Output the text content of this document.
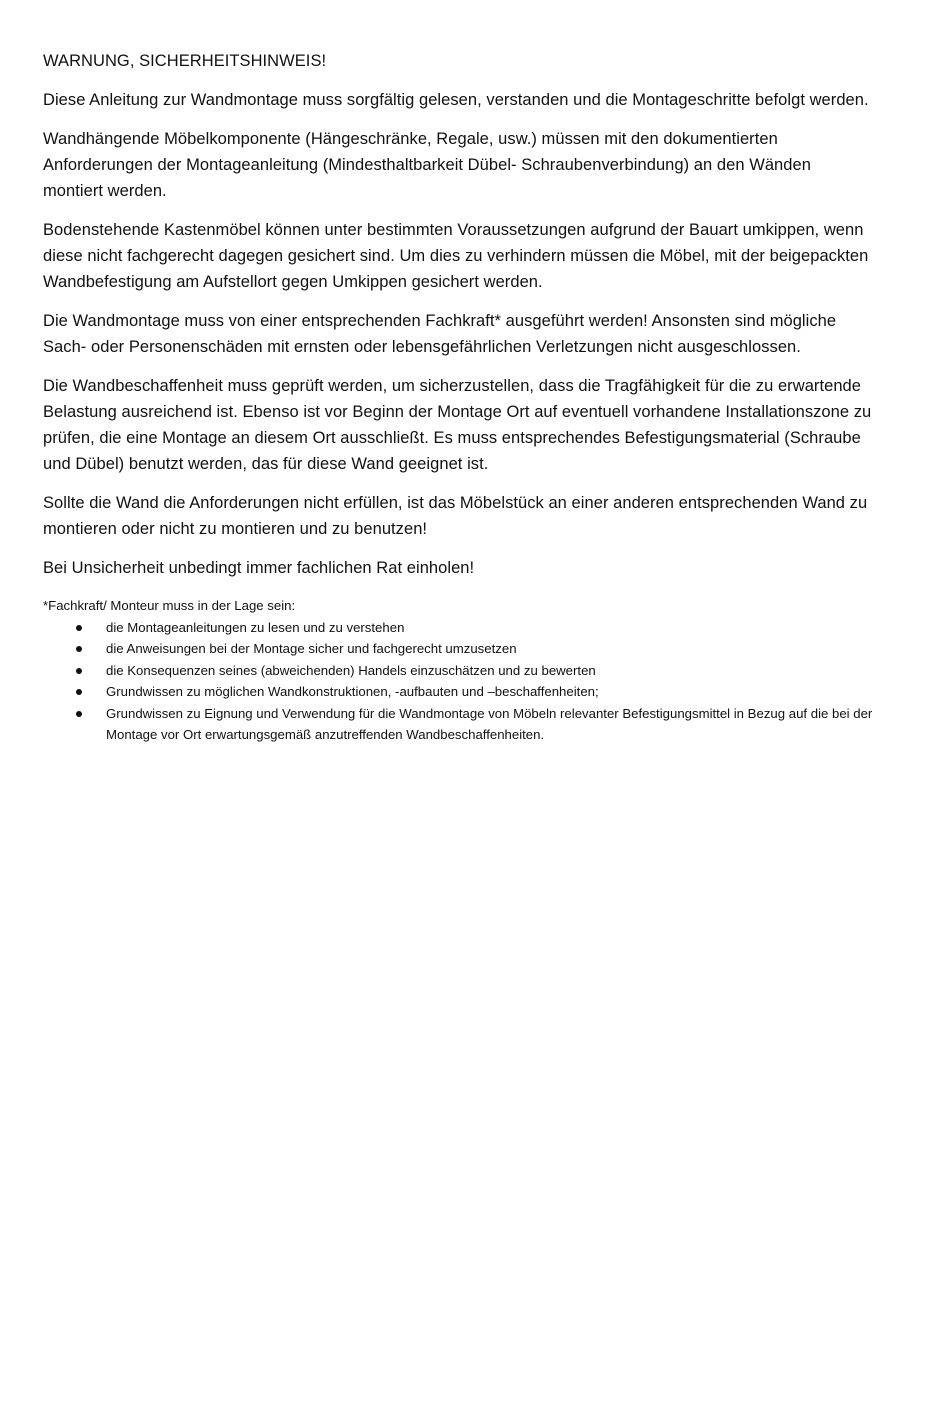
WARNUNG, SICHERHEITSHINWEIS!

Diese Anleitung zur Wandmontage muss sorgfältig gelesen, verstanden und die Montageschritte befolgt werden.

Wandhängende Möbelkomponente (Hängeschränke, Regale, usw.) müssen mit den dokumentierten Anforderungen der Montageanleitung (Mindesthaltbarkeit Dübel- Schraubenverbindung) an den Wänden montiert werden.

Bodenstehende Kastenmöbel können unter bestimmten Voraussetzungen aufgrund der Bauart umkippen, wenn diese nicht fachgerecht dagegen gesichert sind. Um dies zu verhindern müssen die Möbel, mit der beigepackten Wandbefestigung am Aufstellort gegen Umkippen gesichert werden.

Die Wandmontage muss von einer entsprechenden Fachkraft* ausgeführt werden! Ansonsten sind mögliche Sach- oder Personenschäden mit ernsten oder lebensgefährlichen Verletzungen nicht ausgeschlossen.

Die Wandbeschaffenheit muss geprüft werden, um sicherzustellen, dass die Tragfähigkeit für die zu erwartende Belastung ausreichend ist. Ebenso ist vor Beginn der Montage Ort auf eventuell vorhandene Installationszone zu prüfen, die eine Montage an diesem Ort ausschließt. Es muss entsprechendes Befestigungsmaterial (Schraube und Dübel) benutzt werden, das für diese Wand geeignet ist.

Sollte die Wand die Anforderungen nicht erfüllen, ist das Möbelstück an einer anderen entsprechenden Wand zu montieren oder nicht zu montieren und zu benutzen!

Bei Unsicherheit unbedingt immer fachlichen Rat einholen!

*Fachkraft/ Monteur muss in der Lage sein:
die Montageanleitungen zu lesen und zu verstehen
die Anweisungen bei der Montage sicher und fachgerecht umzusetzen
die Konsequenzen seines (abweichenden) Handels einzuschätzen und zu bewerten
Grundwissen zu möglichen Wandkonstruktionen, -aufbauten und –beschaffenheiten;
Grundwissen zu Eignung und Verwendung für die Wandmontage von Möbeln relevanter Befestigungsmittel in Bezug auf die bei der Montage vor Ort erwartungsgemäß anzutreffenden Wandbeschaffenheiten.
